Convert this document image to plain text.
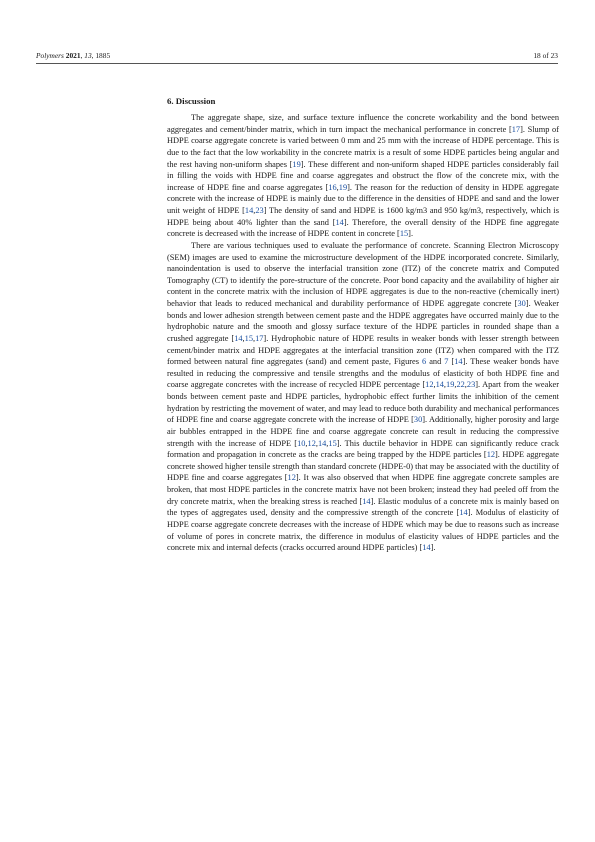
Polymers 2021, 13, 1885	18 of 23
6. Discussion

The aggregate shape, size, and surface texture influence the concrete workability and the bond between aggregates and cement/binder matrix, which in turn impact the mechanical performance in concrete [17]. Slump of HDPE coarse aggregate concrete is varied between 0 mm and 25 mm with the increase of HDPE percentage. This is due to the fact that the low workability in the concrete matrix is a result of some HDPE particles being angular and the rest having non-uniform shapes [19]. These different and non-uniform shaped HDPE particles considerably fail in filling the voids with HDPE fine and coarse aggregates and obstruct the flow of the concrete mix, with the increase of HDPE fine and coarse aggregates [16,19]. The reason for the reduction of density in HDPE aggregate concrete with the increase of HDPE is mainly due to the difference in the densities of HDPE and sand and the lower unit weight of HDPE [14,23] The density of sand and HDPE is 1600 kg/m3 and 950 kg/m3, respectively, which is HDPE being about 40% lighter than the sand [14]. Therefore, the overall density of the HDPE fine aggregate concrete is decreased with the increase of HDPE content in concrete [15].

There are various techniques used to evaluate the performance of concrete. Scanning Electron Microscopy (SEM) images are used to examine the microstructure development of the HDPE incorporated concrete. Similarly, nanoindentation is used to observe the interfacial transition zone (ITZ) of the concrete matrix and Computed Tomography (CT) to identify the pore-structure of the concrete. Poor bond capacity and the availability of higher air content in the concrete matrix with the inclusion of HDPE aggregates is due to the non-reactive (chemically inert) behavior that leads to reduced mechanical and durability performance of HDPE aggregate concrete [30]. Weaker bonds and lower adhesion strength between cement paste and the HDPE aggregates have occurred mainly due to the hydrophobic nature and the smooth and glossy surface texture of the HDPE particles in rounded shape than a crushed aggregate [14,15,17]. Hydrophobic nature of HDPE results in weaker bonds with lesser strength between cement/binder matrix and HDPE aggregates at the interfacial transition zone (ITZ) when compared with the ITZ formed between natural fine aggregates (sand) and cement paste, Figures 6 and 7 [14]. These weaker bonds have resulted in reducing the compressive and tensile strengths and the modulus of elasticity of both HDPE fine and coarse aggregate concretes with the increase of recycled HDPE percentage [12,14,19,22,23]. Apart from the weaker bonds between cement paste and HDPE particles, hydrophobic effect further limits the inhibition of the cement hydration by restricting the movement of water, and may lead to reduce both durability and mechanical performances of HDPE fine and coarse aggregate concrete with the increase of HDPE [30]. Additionally, higher porosity and large air bubbles entrapped in the HDPE fine and coarse aggregate concrete can result in reducing the compressive strength with the increase of HDPE [10,12,14,15]. This ductile behavior in HDPE can significantly reduce crack formation and propagation in concrete as the cracks are being trapped by the HDPE particles [12]. HDPE aggregate concrete showed higher tensile strength than standard concrete (HDPE-0) that may be associated with the ductility of HDPE fine and coarse aggregates [12]. It was also observed that when HDPE fine aggregate concrete samples are broken, that most HDPE particles in the concrete matrix have not been broken; instead they had peeled off from the dry concrete matrix, when the breaking stress is reached [14]. Elastic modulus of a concrete mix is mainly based on the types of aggregates used, density and the compressive strength of the concrete [14]. Modulus of elasticity of HDPE coarse aggregate concrete decreases with the increase of HDPE which may be due to reasons such as increase of volume of pores in concrete matrix, the difference in modulus of elasticity values of HDPE particles and the concrete mix and internal defects (cracks occurred around HDPE particles) [14].
